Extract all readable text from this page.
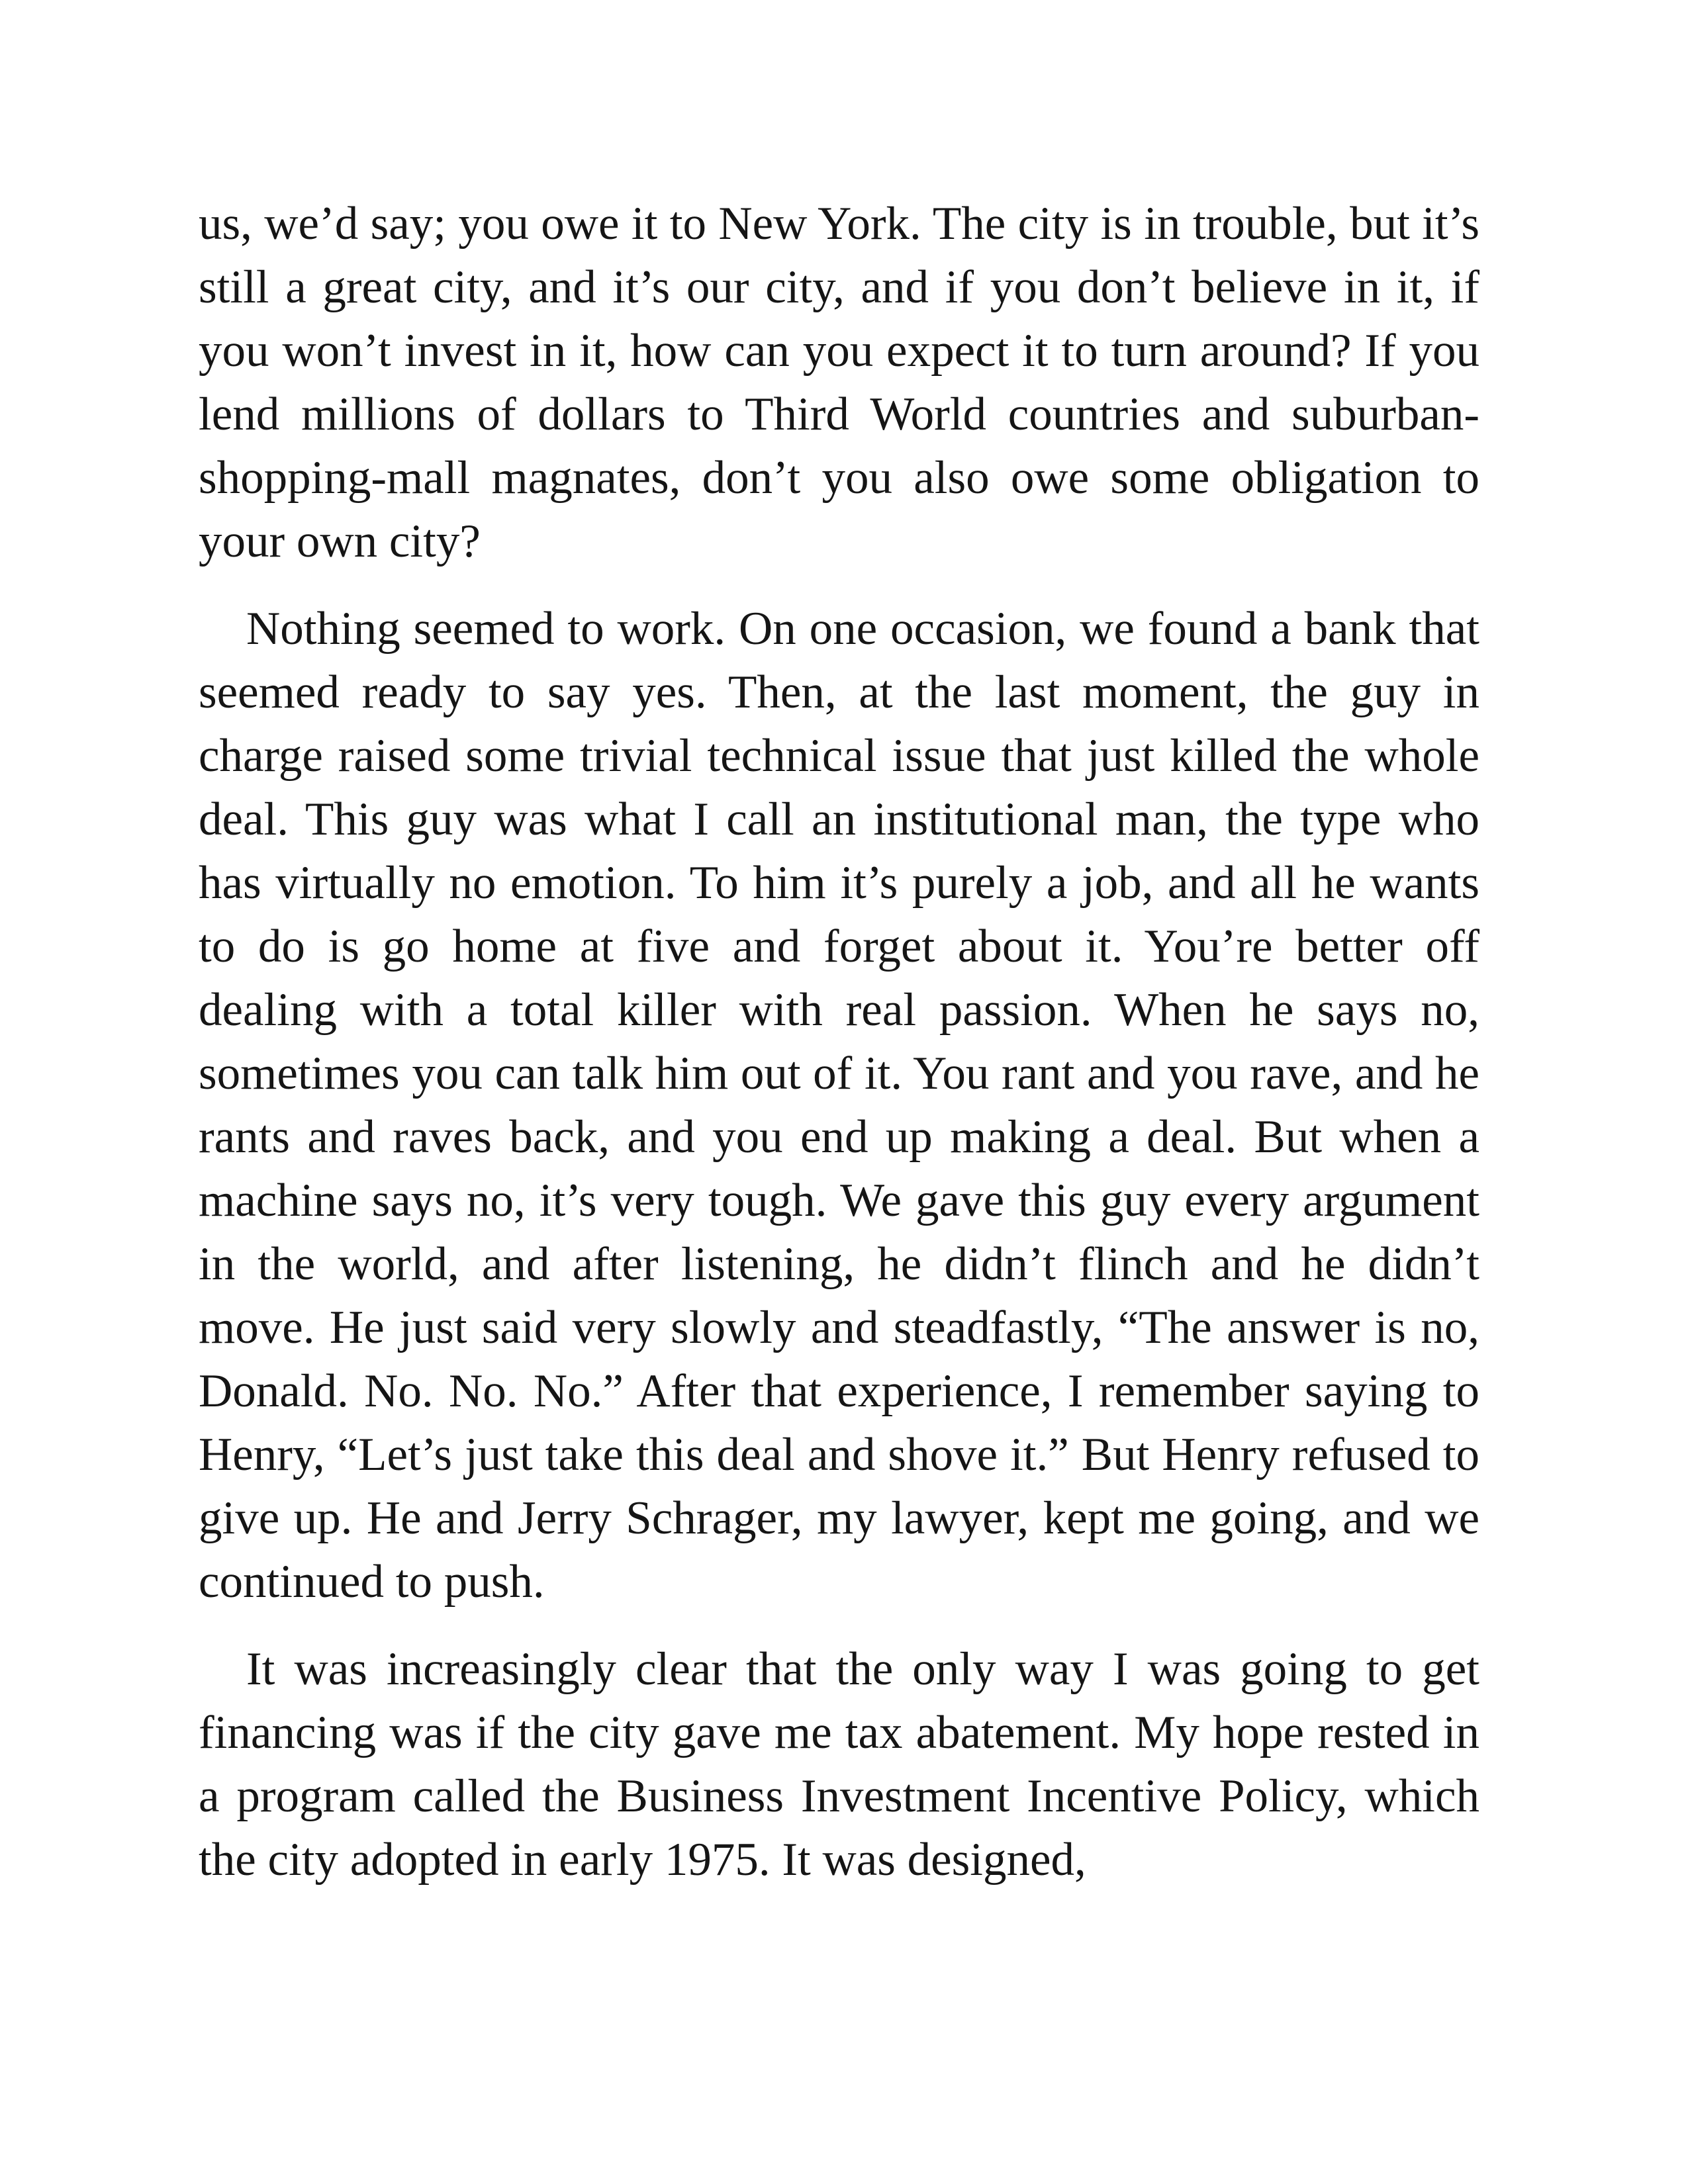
us, we’d say; you owe it to New York. The city is in trouble, but it’s still a great city, and it’s our city, and if you don’t believe in it, if you won’t invest in it, how can you expect it to turn around? If you lend millions of dollars to Third World countries and suburban-shopping-mall magnates, don’t you also owe some obligation to your own city?

Nothing seemed to work. On one occasion, we found a bank that seemed ready to say yes. Then, at the last moment, the guy in charge raised some trivial technical issue that just killed the whole deal. This guy was what I call an institutional man, the type who has virtually no emotion. To him it’s purely a job, and all he wants to do is go home at five and forget about it. You’re better off dealing with a total killer with real passion. When he says no, sometimes you can talk him out of it. You rant and you rave, and he rants and raves back, and you end up making a deal. But when a machine says no, it’s very tough. We gave this guy every argument in the world, and after listening, he didn’t flinch and he didn’t move. He just said very slowly and steadfastly, “The answer is no, Donald. No. No. No.” After that experience, I remember saying to Henry, “Let’s just take this deal and shove it.” But Henry refused to give up. He and Jerry Schrager, my lawyer, kept me going, and we continued to push.

It was increasingly clear that the only way I was going to get financing was if the city gave me tax abatement. My hope rested in a program called the Business Investment Incentive Policy, which the city adopted in early 1975. It was designed,
